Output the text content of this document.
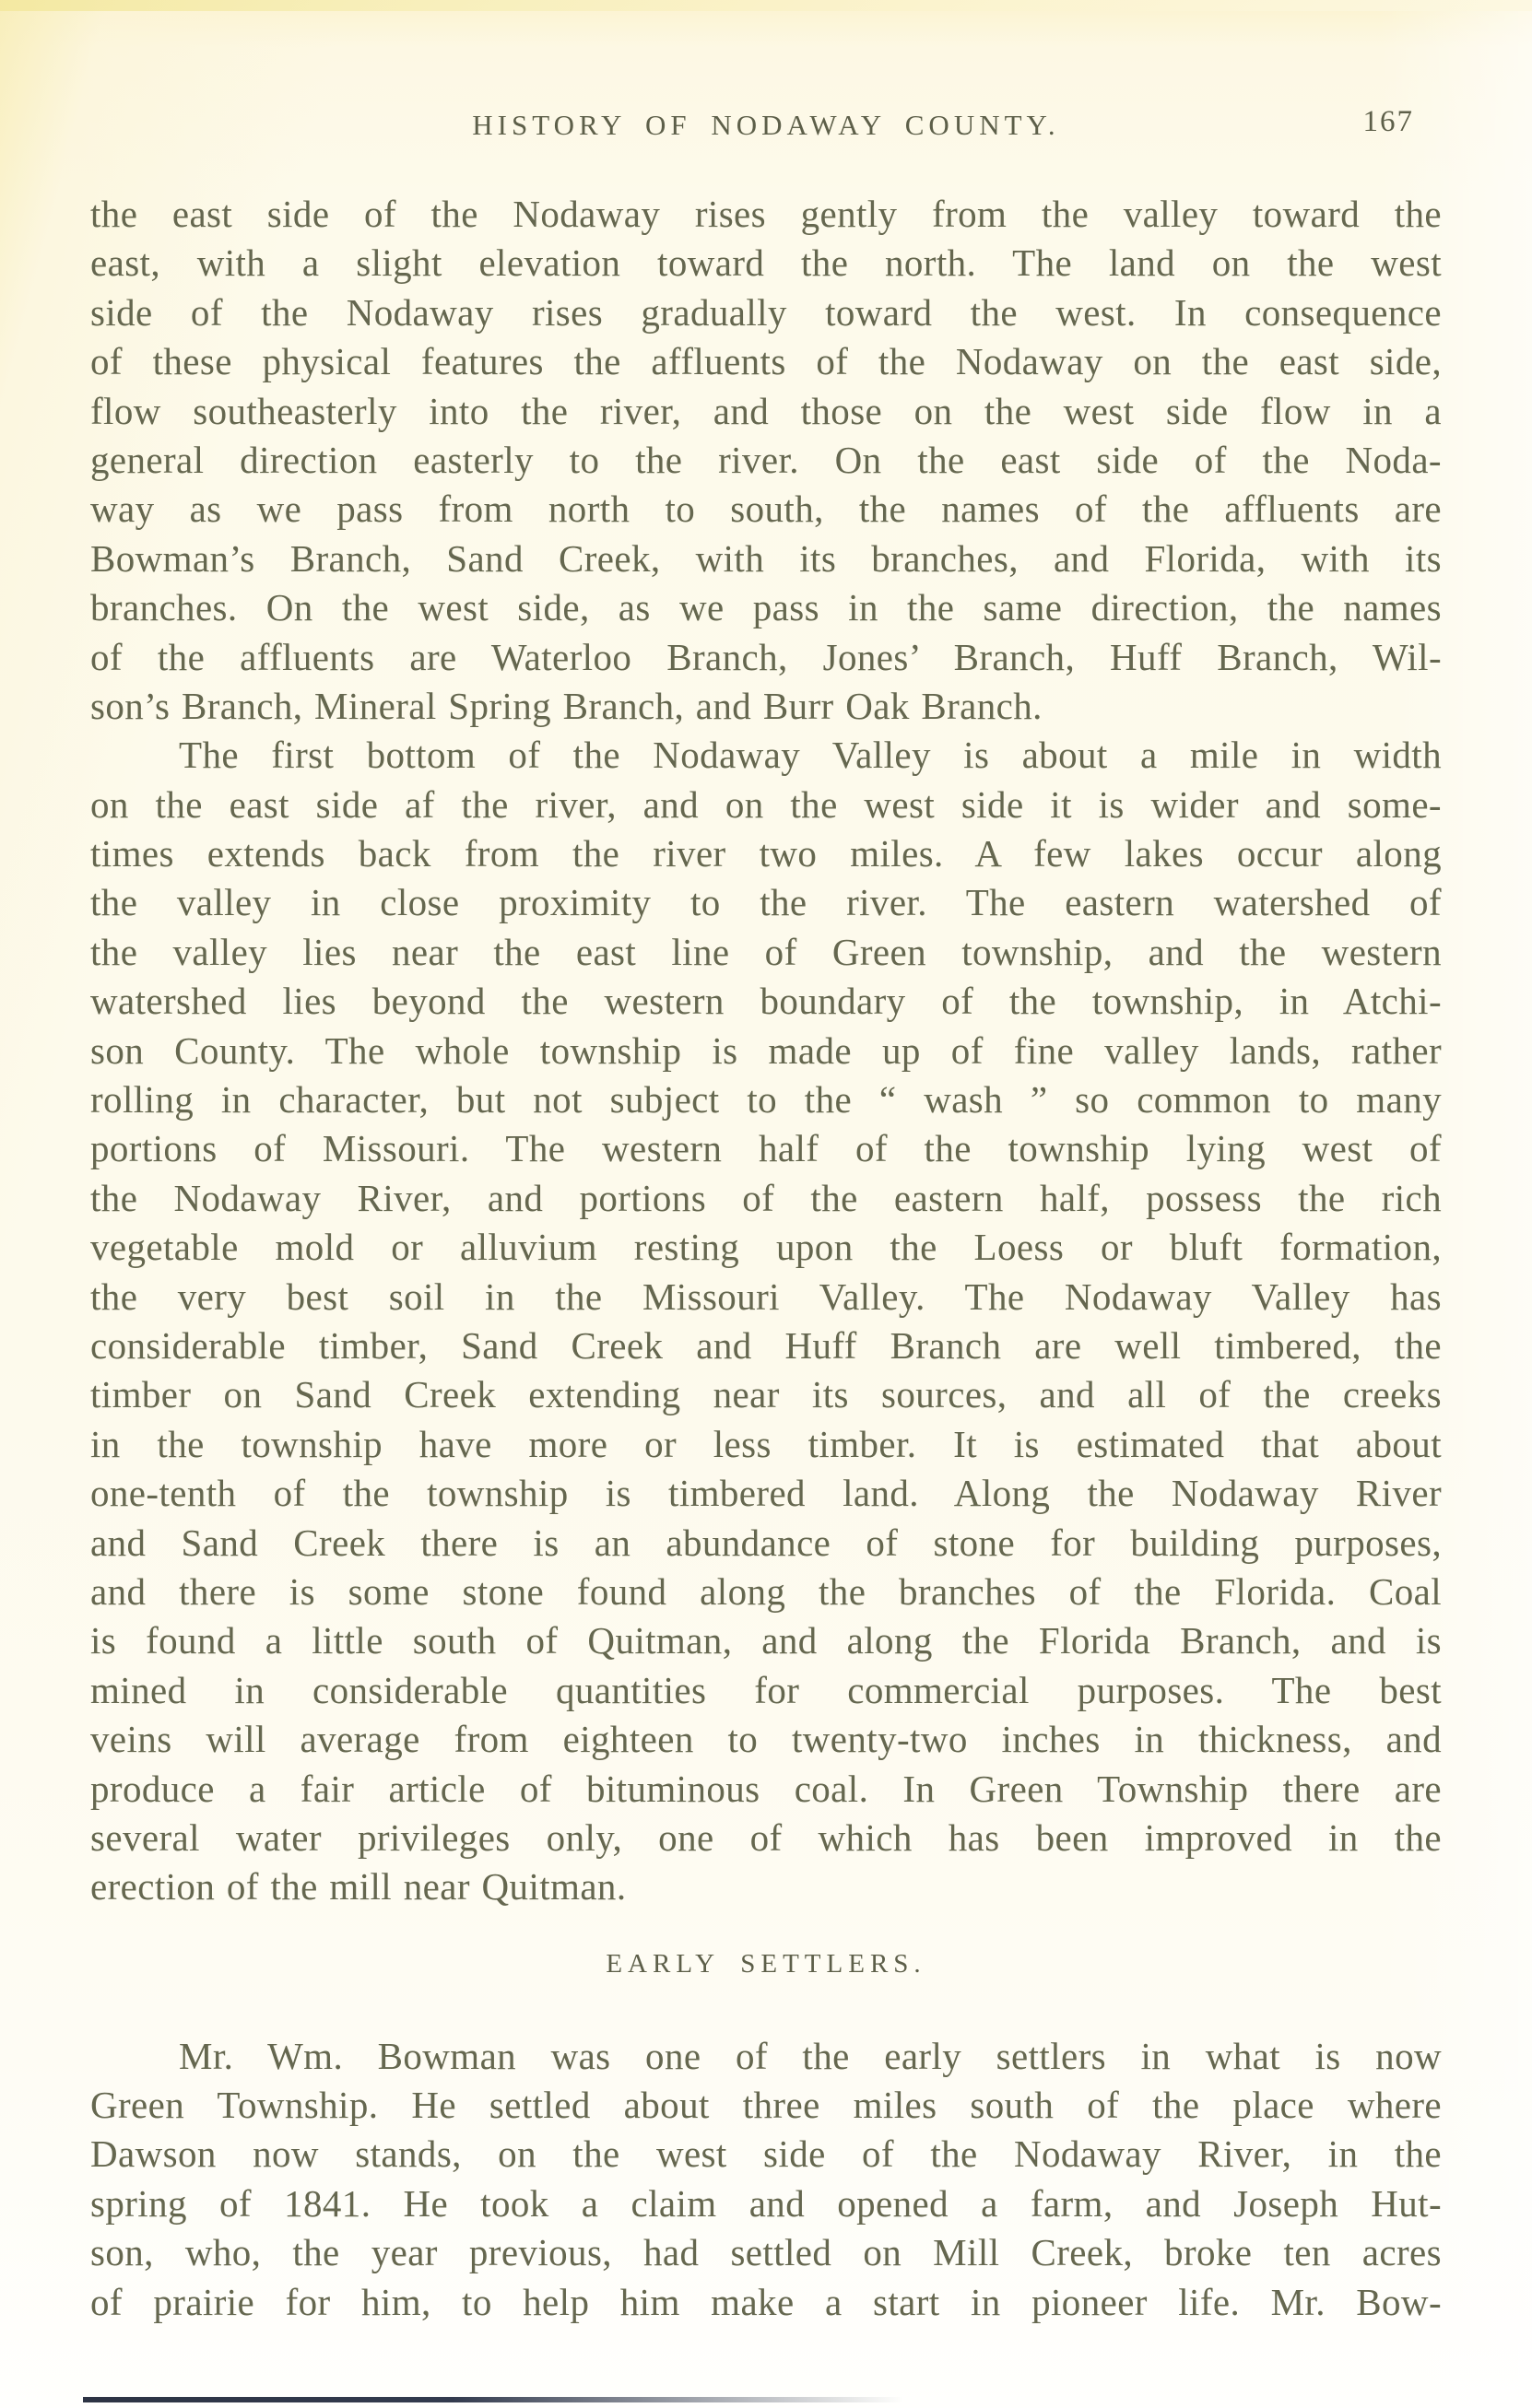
HISTORY OF NODAWAY COUNTY.	167
the east side of the Nodaway rises gently from the valley toward the
east, with a slight elevation toward the north. The land on the west
side of the Nodaway rises gradually toward the west. In consequence
of these physical features the affluents of the Nodaway on the east side,
flow southeasterly into the river, and those on the west side flow in a
general direction easterly to the river. On the east side of the Noda-
way as we pass from north to south, the names of the affluents are
Bowman’s Branch, Sand Creek, with its branches, and Florida, with its
branches. On the west side, as we pass in the same direction, the names
of the affluents are Waterloo Branch, Jones’ Branch, Huff Branch, Wil-
son’s Branch, Mineral Spring Branch, and Burr Oak Branch.
The first bottom of the Nodaway Valley is about a mile in width
on the east side af the river, and on the west side it is wider and some-
times extends back from the river two miles. A few lakes occur along
the valley in close proximity to the river. The eastern watershed of
the valley lies near the east line of Green township, and the western
watershed lies beyond the western boundary of the township, in Atchi-
son County. The whole township is made up of fine valley lands, rather
rolling in character, but not subject to the “ wash ” so common to many
portions of Missouri. The western half of the township lying west of
the Nodaway River, and portions of the eastern half, possess the rich
vegetable mold or alluvium resting upon the Loess or bluft formation,
the very best soil in the Missouri Valley. The Nodaway Valley has
considerable timber, Sand Creek and Huff Branch are well timbered, the
timber on Sand Creek extending near its sources, and all of the creeks
in the township have more or less timber. It is estimated that about
one-tenth of the township is timbered land. Along the Nodaway River
and Sand Creek there is an abundance of stone for building purposes,
and there is some stone found along the branches of the Florida. Coal
is found a little south of Quitman, and along the Florida Branch, and is
mined in considerable quantities for commercial purposes. The best
veins will average from eighteen to twenty-two inches in thickness, and
produce a fair article of bituminous coal. In Green Township there are
several water privileges only, one of which has been improved in the
erection of the mill near Quitman.
EARLY SETTLERS.
Mr. Wm. Bowman was one of the early settlers in what is now
Green Township. He settled about three miles south of the place where
Dawson now stands, on the west side of the Nodaway River, in the
spring of 1841. He took a claim and opened a farm, and Joseph Hut-
son, who, the year previous, had settled on Mill Creek, broke ten acres
of prairie for him, to help him make a start in pioneer life. Mr. Bow-
